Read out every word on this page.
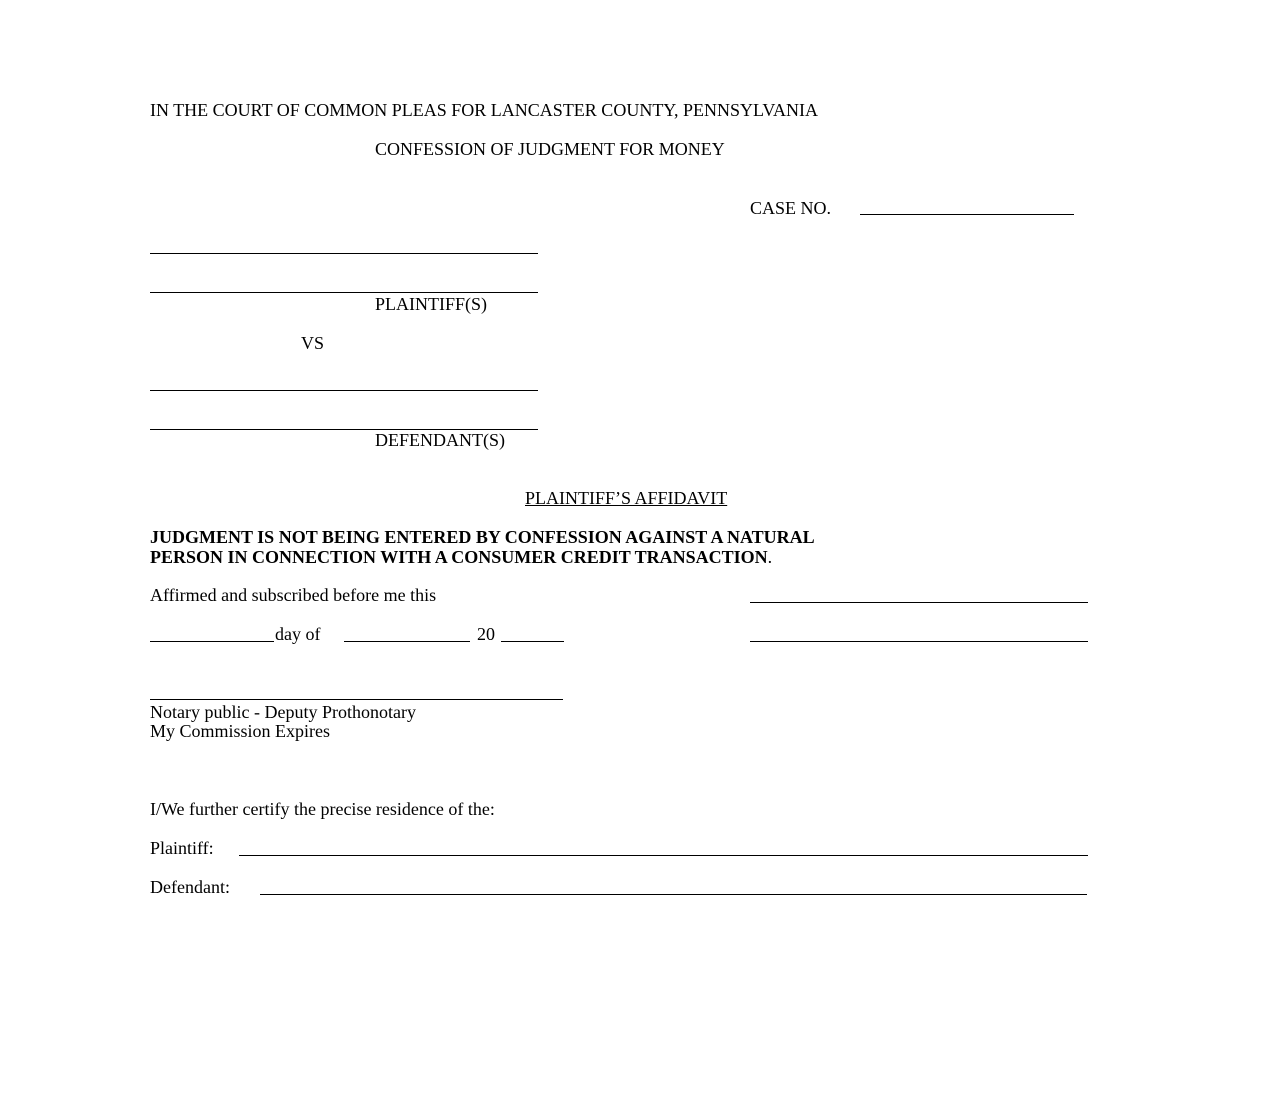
IN THE COURT OF COMMON PLEAS FOR LANCASTER COUNTY, PENNSYLVANIA
CONFESSION OF JUDGMENT FOR MONEY
CASE NO.
PLAINTIFF(S)
VS
DEFENDANT(S)
PLAINTIFF’S AFFIDAVIT
JUDGMENT IS NOT BEING ENTERED BY CONFESSION AGAINST A NATURAL
PERSON IN CONNECTION WITH A CONSUMER CREDIT TRANSACTION.
Affirmed and subscribed before me this
day of	20
Notary public - Deputy Prothonotary
My Commission Expires
I/We further certify the precise residence of the:
Plaintiff:
Defendant:
